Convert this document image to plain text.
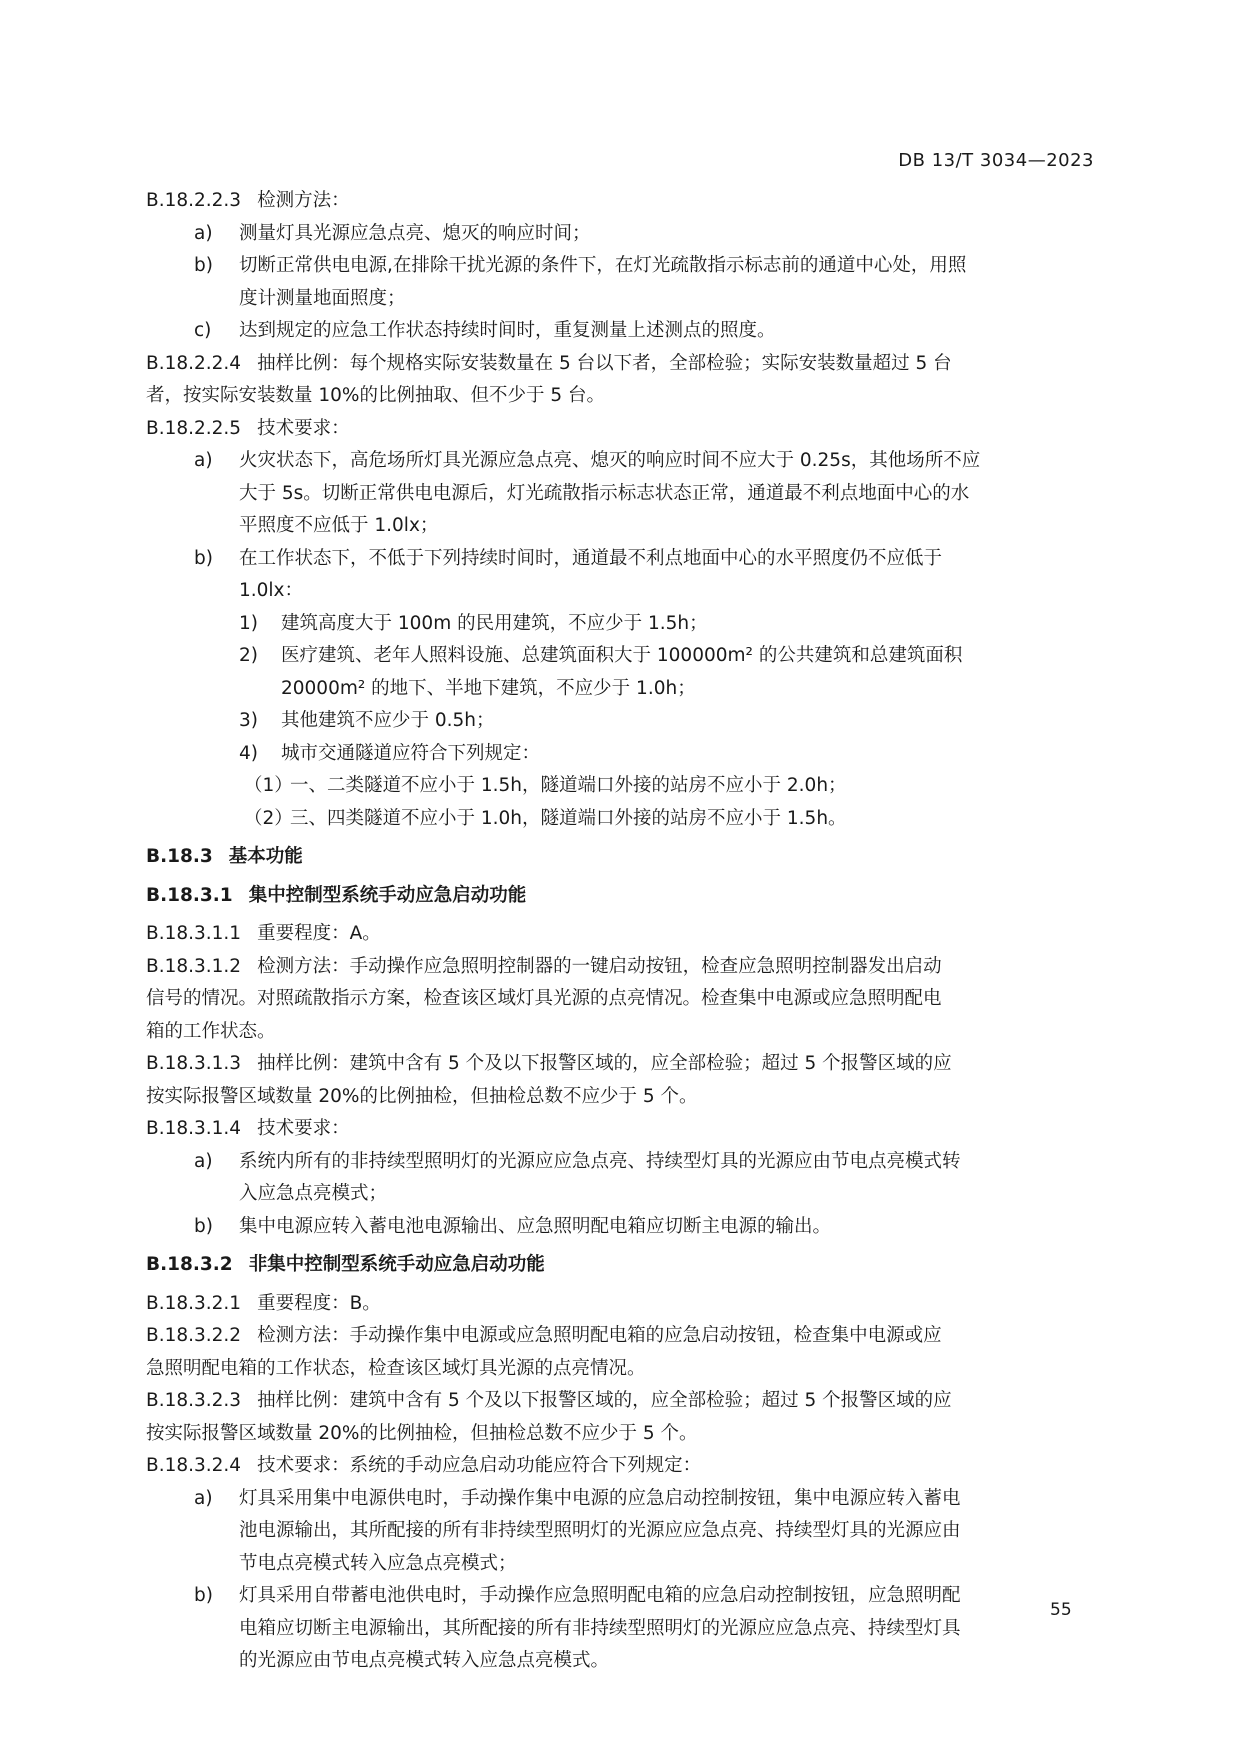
DB 13/T 3034—2023

B.18.2.2.3 检测方法：

a) 测量灯具光源应急点亮、熄灭的响应时间；

b) 切断正常供电电源,在排除干扰光源的条件下，在灯光疏散指示标志前的通道中心处，用照
度计测量地面照度；

c) 达到规定的应急工作状态持续时间时，重复测量上述测点的照度。

B.18.2.2.4 抽样比例：每个规格实际安装数量在 5 台以下者，全部检验；实际安装数量超过 5 台
者，按实际安装数量 10%的比例抽取、但不少于 5 台。

B.18.2.2.5 技术要求：

a) 火灾状态下，高危场所灯具光源应急点亮、熄灭的响应时间不应大于 0.25s，其他场所不应
大于 5s。切断正常供电电源后，灯光疏散指示标志状态正常，通道最不利点地面中心的水
平照度不应低于 1.0lx；

b) 在工作状态下，不低于下列持续时间时，通道最不利点地面中心的水平照度仍不应低于
1.0lx：

1) 建筑高度大于 100m 的民用建筑，不应少于 1.5h；

2) 医疗建筑、老年人照料设施、总建筑面积大于 100000m² 的公共建筑和总建筑面积
20000m² 的地下、半地下建筑，不应少于 1.0h；

3) 其他建筑不应少于 0.5h；

4) 城市交通隧道应符合下列规定：

（1）
一、二类隧道不应小于 1.5h，隧道端口外接的站房不应小于 2.0h；

（2）
三、四类隧道不应小于 1.0h，隧道端口外接的站房不应小于 1.5h。

B.18.3 基本功能

B.18.3.1 集中控制型系统手动应急启动功能

B.18.3.1.1 重要程度：A。

B.18.3.1.2 检测方法：手动操作应急照明控制器的一键启动按钮，检查应急照明控制器发出启动
信号的情况。对照疏散指示方案，检查该区域灯具光源的点亮情况。检查集中电源或应急照明配电
箱的工作状态。

B.18.3.1.3 抽样比例：建筑中含有 5 个及以下报警区域的，应全部检验；超过 5 个报警区域的应
按实际报警区域数量 20%的比例抽检，但抽检总数不应少于 5 个。

B.18.3.1.4 技术要求：

a) 系统内所有的非持续型照明灯的光源应应急点亮、持续型灯具的光源应由节电点亮模式转
入应急点亮模式；

b) 集中电源应转入蓄电池电源输出、应急照明配电箱应切断主电源的输出。

B.18.3.2 非集中控制型系统手动应急启动功能

B.18.3.2.1 重要程度：B。

B.18.3.2.2 检测方法：手动操作集中电源或应急照明配电箱的应急启动按钮，检查集中电源或应
急照明配电箱的工作状态，检查该区域灯具光源的点亮情况。

B.18.3.2.3 抽样比例：建筑中含有 5 个及以下报警区域的，应全部检验；超过 5 个报警区域的应
按实际报警区域数量 20%的比例抽检，但抽检总数不应少于 5 个。

B.18.3.2.4 技术要求：系统的手动应急启动功能应符合下列规定：

a) 灯具采用集中电源供电时，手动操作集中电源的应急启动控制按钮，集中电源应转入蓄电
池电源输出，其所配接的所有非持续型照明灯的光源应应急点亮、持续型灯具的光源应由
节电点亮模式转入应急点亮模式；

b) 灯具采用自带蓄电池供电时，手动操作应急照明配电箱的应急启动控制按钮，应急照明配
电箱应切断主电源输出，其所配接的所有非持续型照明灯的光源应应急点亮、持续型灯具
的光源应由节电点亮模式转入应急点亮模式。

55
